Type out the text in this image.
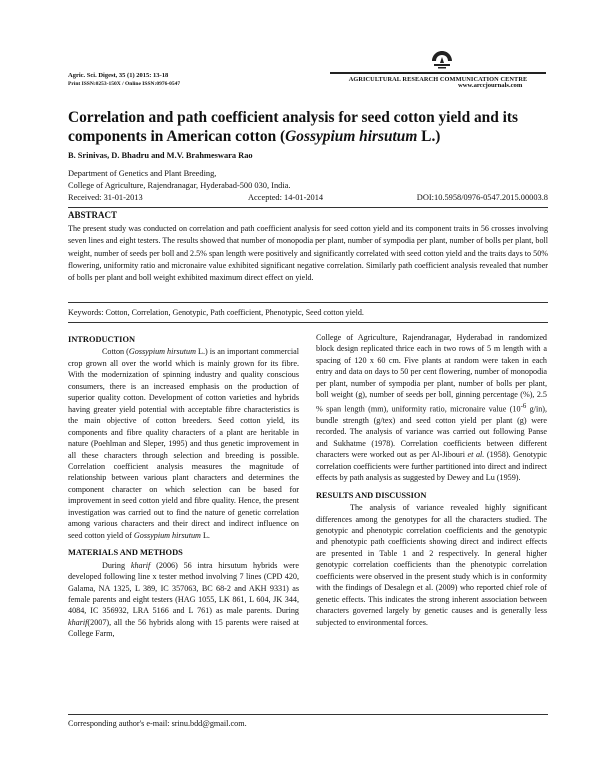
Agric. Sci. Digest, 35 (1) 2015: 13-18
Print ISSN:0253-150X / Online ISSN:0976-0547
AGRICULTURAL RESEARCH COMMUNICATION CENTRE
www.arccjournals.com
Correlation and path coefficient analysis for seed cotton yield and its components in American cotton (Gossypium hirsutum L.)
B. Srinivas, D. Bhadru and M.V. Brahmeswara Rao
Department of Genetics and Plant Breeding,
College of Agriculture, Rajendranagar, Hyderabad-500 030, India.
Received: 31-01-2013	Accepted: 14-01-2014	DOI:10.5958/0976-0547.2015.00003.8
ABSTRACT
The present study was conducted on correlation and path coefficient analysis for seed cotton yield and its component traits in 56 crosses involving seven lines and eight testers. The results showed that number of monopodia per plant, number of sympodia per plant, number of bolls per plant, boll weight, number of seeds per boll and 2.5% span length were positively and significantly correlated with seed cotton yield and the traits days to 50% flowering, uniformity ratio and micronaire value exhibited significant negative correlation. Similarly path coefficient analysis revealed that number of bolls per plant and boll weight exhibited maximum direct effect on yield.
Keywords: Cotton, Correlation, Genotypic, Path coefficient, Phenotypic, Seed cotton yield.
INTRODUCTION

Cotton (Gossypium hirsutum L.) is an important commercial crop grown all over the world which is mainly grown for its fibre. With the modernization of spinning industry and quality conscious consumers, there is an increased emphasis on the production of superior quality cotton. Development of cotton varieties and hybrids having greater yield potential with acceptable fibre characteristics is the main objective of cotton breeders. Seed cotton yield, its components and fibre quality characters of a plant are heritable in nature (Poehlman and Sleper, 1995) and thus genetic improvement in all these characters through selection and breeding is possible. Correlation coefficient analysis measures the magnitude of relationship between various plant characters and determines the component character on which selection can be based for improvement in seed cotton yield and fibre quality. Hence, the present investigation was carried out to find the nature of genetic correlation among various characters and their direct and indirect influence on seed cotton yield of Gossypium hirsutum L.

MATERIALS AND METHODS

During kharif (2006) 56 intra hirsutum hybrids were developed following line x tester method involving 7 lines (CPD 420, Galama, NA 1325, L 389, IC 357063, BC 68-2 and AKH 9331) as female parents and eight testers (HAG 1055, LK 861, L 604, JK 344, 4084, IC 356932, LRA 5166 and L 761) as male parents. During kharif(2007), all the 56 hybrids along with 15 parents were raised at College Farm,

College of Agriculture, Rajendranagar, Hyderabad in randomized block design replicated thrice each in two rows of 5 m length with a spacing of 120 x 60 cm. Five plants at random were taken in each entry and data on days to 50 per cent flowering, number of monopodia per plant, number of sympodia per plant, number of bolls per plant, boll weight (g), number of seeds per boll, ginning percentage (%), 2.5 % span length (mm), uniformity ratio, micronaire value ($10^{-6}$ g/in), bundle strength (g/tex) and seed cotton yield per plant (g) were recorded. The analysis of variance was carried out following Panse and Sukhatme (1978). Correlation coefficients between different characters were worked out as per Al-Jibouri et al. (1958). Genotypic correlation coefficients were further partitioned into direct and indirect effects by path analysis as suggested by Dewey and Lu (1959).

RESULTS AND DISCUSSION

The analysis of variance revealed highly significant differences among the genotypes for all the characters studied. The genotypic and phenotypic correlation coefficients and the genotypic and phenotypic path coefficients showing direct and indirect effects are presented in Table 1 and 2 respectively. In general higher genotypic correlation coefficients than the phenotypic correlation coefficients were observed in the present study which is in conformity with the findings of Desalegn et al. (2009) who reported chief role of genetic effects. This indicates the strong inherent association between characters governed largely by genetic causes and is generally less subjected to environmental forces.

Corresponding author's e-mail: srinu.bdd@gmail.com.
